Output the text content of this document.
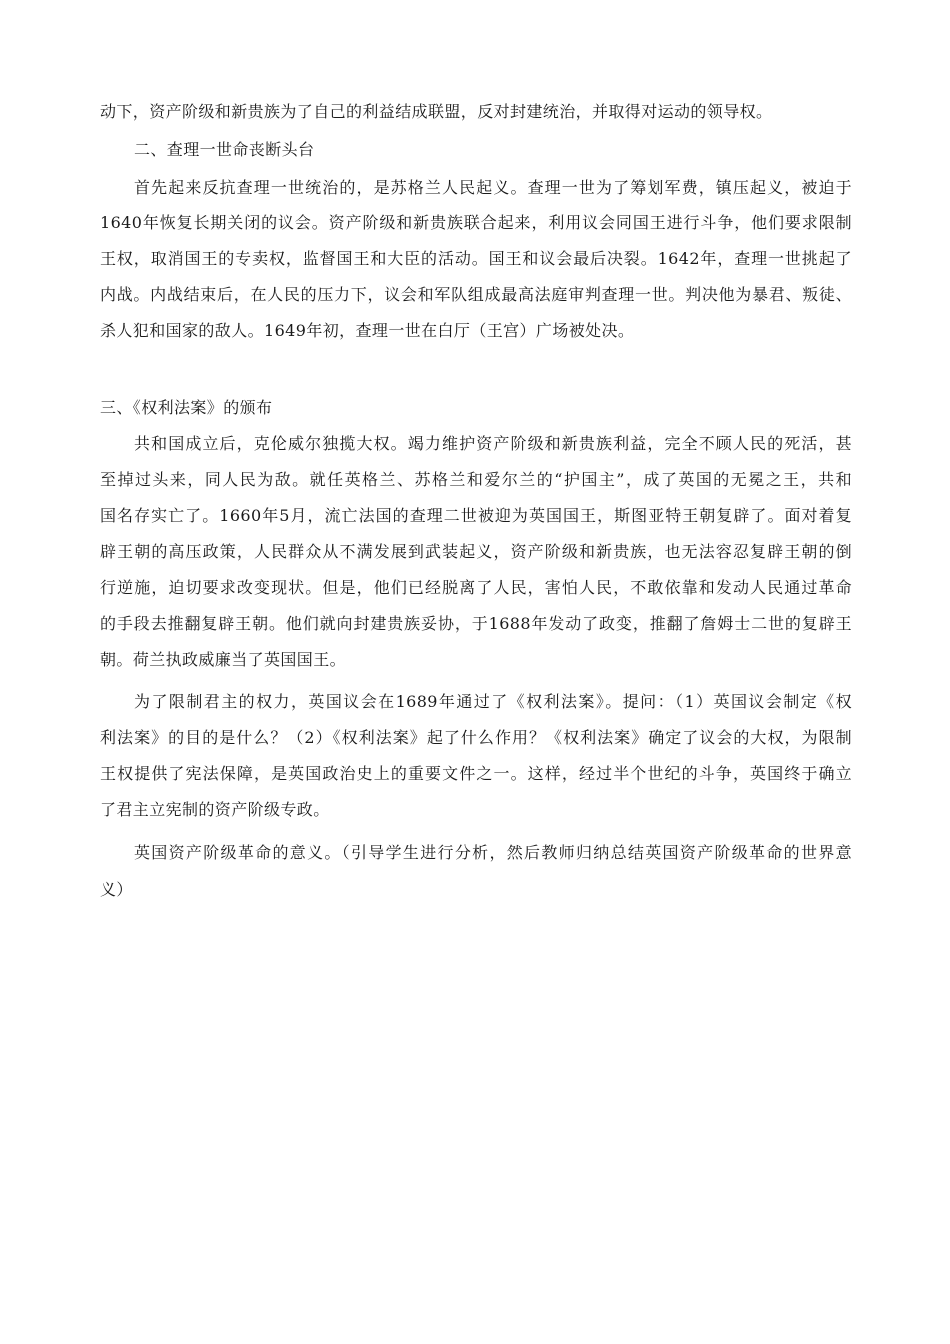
动下，资产阶级和新贵族为了自己的利益结成联盟，反对封建统治，并取得对运动的领导权。
二、查理一世命丧断头台
首先起来反抗查理一世统治的，是苏格兰人民起义。查理一世为了筹划军费，镇压起义，被迫于
1640年恢复长期关闭的议会。资产阶级和新贵族联合起来，利用议会同国王进行斗争，他们要求限制
王权，取消国王的专卖权，监督国王和大臣的活动。国王和议会最后决裂。1642年，查理一世挑起了
内战。内战结束后，在人民的压力下，议会和军队组成最高法庭审判查理一世。判决他为暴君、叛徒、
杀人犯和国家的敌人。1649年初，查理一世在白厅（王宫）广场被处决。
三、《权利法案》的颁布
共和国成立后，克伦威尔独揽大权。竭力维护资产阶级和新贵族利益，完全不顾人民的死活，甚
至掉过头来，同人民为敌。就任英格兰、苏格兰和爱尔兰的“护国主”，成了英国的无冕之王，共和
国名存实亡了。1660年5月，流亡法国的查理二世被迎为英国国王，斯图亚特王朝复辟了。面对着复
辟王朝的高压政策，人民群众从不满发展到武装起义，资产阶级和新贵族，也无法容忍复辟王朝的倒
行逆施，迫切要求改变现状。但是，他们已经脱离了人民，害怕人民，不敢依靠和发动人民通过革命
的手段去推翻复辟王朝。他们就向封建贵族妥协，于1688年发动了政变，推翻了詹姆士二世的复辟王
朝。荷兰执政威廉当了英国国王。
为了限制君主的权力，英国议会在1689年通过了《权利法案》。提问：（1）英国议会制定《权
利法案》的目的是什么？（2）《权利法案》起了什么作用？《权利法案》确定了议会的大权，为限制
王权提供了宪法保障，是英国政治史上的重要文件之一。这样，经过半个世纪的斗争，英国终于确立
了君主立宪制的资产阶级专政。
英国资产阶级革命的意义。（引导学生进行分析，然后教师归纳总结英国资产阶级革命的世界意
义）
